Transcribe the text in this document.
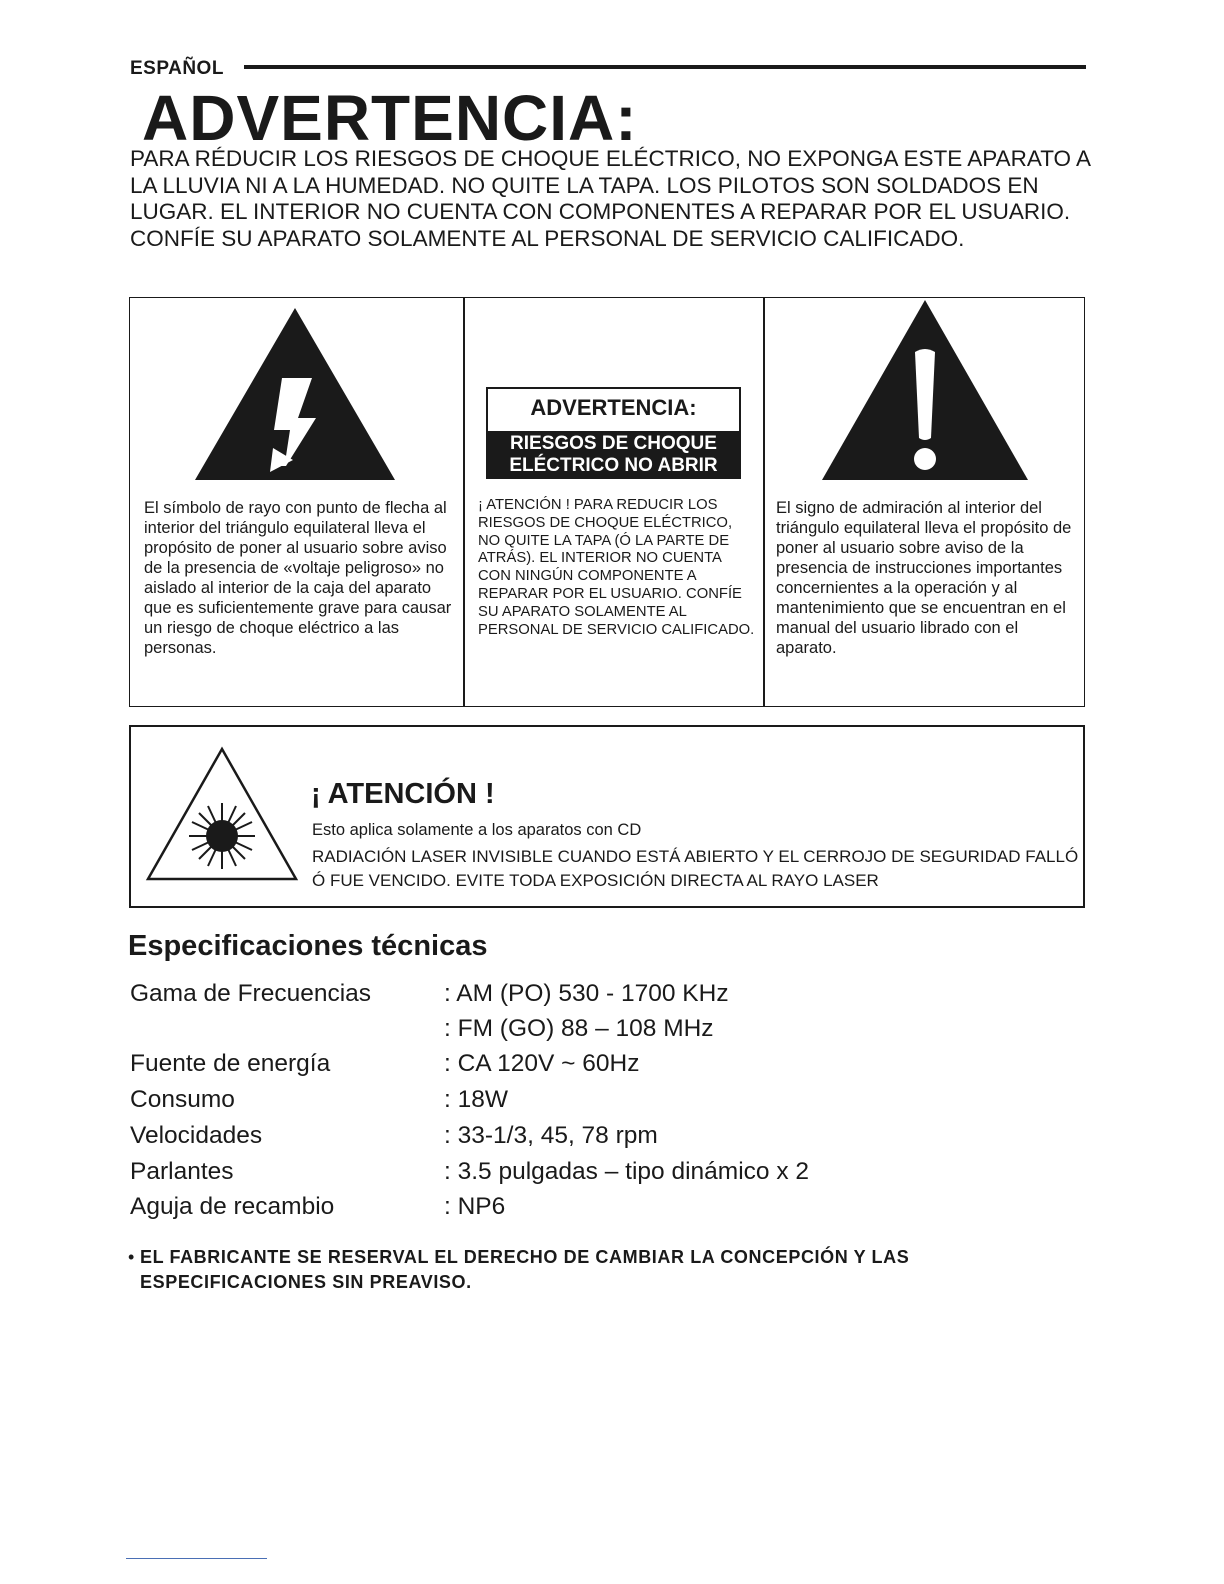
ESPAÑOL
ADVERTENCIA:

PARA RÉDUCIR LOS RIESGOS DE CHOQUE ELÉCTRICO, NO EXPONGA ESTE APARATO A LA LLUVIA NI A LA HUMEDAD. NO QUITE LA TAPA. LOS PILOTOS SON SOLDADOS EN LUGAR. EL INTERIOR NO CUENTA CON COMPONENTES A REPARAR POR EL USUARIO. CONFÍE SU APARATO SOLAMENTE AL PERSONAL DE SERVICIO CALIFICADO.

El símbolo de rayo con punto de flecha al interior del triángulo equilateral lleva el propósito de poner al usuario sobre aviso de la presencia de «voltaje peligroso» no aislado al interior de la caja del aparato que es suficientemente grave para causar un riesgo de choque eléctrico a las personas.

ADVERTENCIA:
RIESGOS DE CHOQUE
ELÉCTRICO NO ABRIR

¡ ATENCIÓN ! PARA REDUCIR LOS RIESGOS DE CHOQUE ELÉCTRICO, NO QUITE LA TAPA (Ó LA PARTE DE ATRÁS). EL INTERIOR NO CUENTA CON NINGÚN COMPONENTE A REPARAR POR EL USUARIO. CONFÍE SU APARATO SOLAMENTE AL PERSONAL DE SERVICIO CALIFICADO.

El signo de admiración al interior del triángulo equilateral lleva el propósito de poner al usuario sobre aviso de la presencia de instrucciones importantes concernientes a la operación y al mantenimiento que se encuentran en el manual del usuario librado con el aparato.

¡ ATENCIÓN !
Esto aplica solamente a los aparatos con CD

RADIACIÓN LASER INVISIBLE CUANDO ESTÁ ABIERTO Y EL CERROJO DE SEGURIDAD FALLÓ Ó FUE VENCIDO. EVITE TODA EXPOSICIÓN DIRECTA AL RAYO LASER

Especificaciones técnicas
Gama de Frecuencias	: AM (PO) 530 - 1700 KHz
: FM (GO) 88 – 108 MHz
Fuente de energía	: CA 120V ~ 60Hz
Consumo	: 18W
Velocidades	: 33-1/3, 45, 78 rpm
Parlantes	: 3.5 pulgadas – tipo dinámico x 2
Aguja de recambio	: NP6

• EL FABRICANTE SE RESERVAL EL DERECHO DE CAMBIAR LA CONCEPCIÓN Y LAS
ESPECIFICACIONES SIN PREAVISO.
